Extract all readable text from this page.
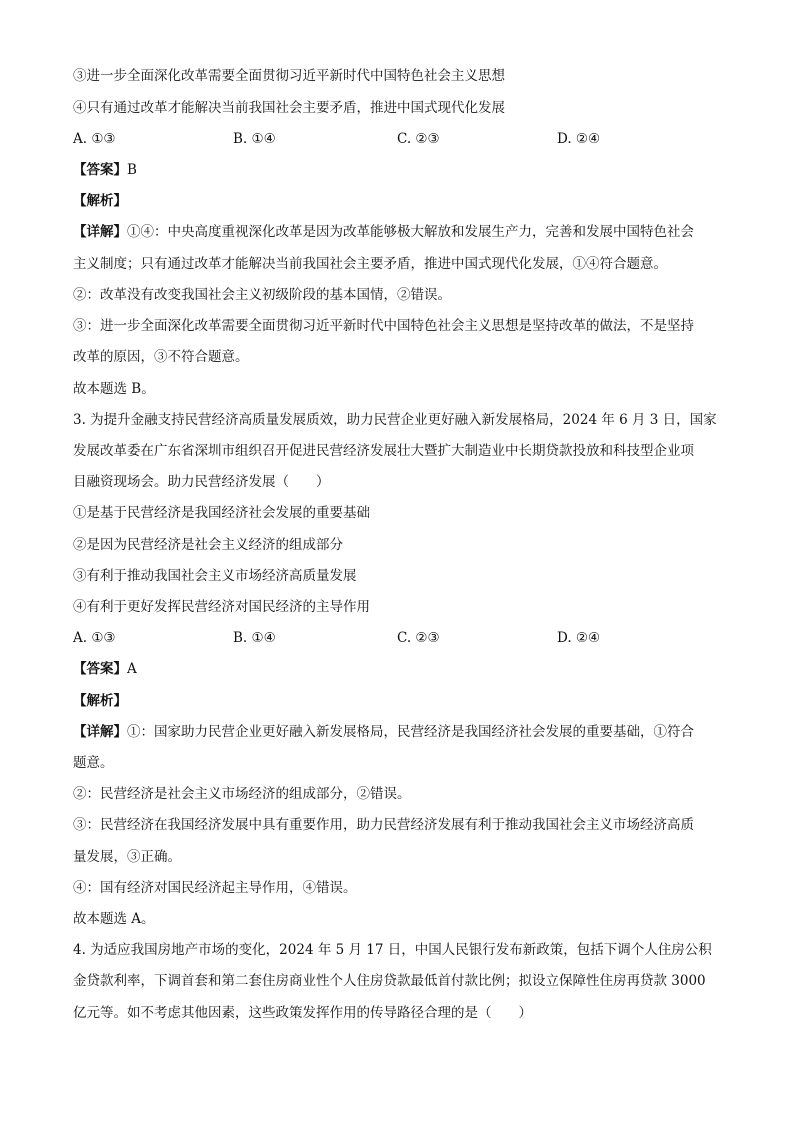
③进一步全面深化改革需要全面贯彻习近平新时代中国特色社会主义思想
④只有通过改革才能解决当前我国社会主要矛盾，推进中国式现代化发展
A. ①③	B. ①④	C. ②③	D. ②④
【答案】B
【解析】
【详解】①④：中央高度重视深化改革是因为改革能够极大解放和发展生产力，完善和发展中国特色社会
主义制度；只有通过改革才能解决当前我国社会主要矛盾，推进中国式现代化发展，①④符合题意。
②：改革没有改变我国社会主义初级阶段的基本国情，②错误。
③：进一步全面深化改革需要全面贯彻习近平新时代中国特色社会主义思想是坚持改革的做法，不是坚持
改革的原因，③不符合题意。
故本题选 B。
3. 为提升金融支持民营经济高质量发展质效，助力民营企业更好融入新发展格局，2024 年 6 月 3 日，国家
发展改革委在广东省深圳市组织召开促进民营经济发展壮大暨扩大制造业中长期贷款投放和科技型企业项
目融资现场会。助力民营经济发展（　　）
①是基于民营经济是我国经济社会发展的重要基础
②是因为民营经济是社会主义经济的组成部分
③有利于推动我国社会主义市场经济高质量发展
④有利于更好发挥民营经济对国民经济的主导作用
A. ①③	B. ①④	C. ②③	D. ②④
【答案】A
【解析】
【详解】①：国家助力民营企业更好融入新发展格局，民营经济是我国经济社会发展的重要基础，①符合
题意。
②：民营经济是社会主义市场经济的组成部分，②错误。
③：民营经济在我国经济发展中具有重要作用，助力民营经济发展有利于推动我国社会主义市场经济高质
量发展，③正确。
④：国有经济对国民经济起主导作用，④错误。
故本题选 A。
4. 为适应我国房地产市场的变化，2024 年 5 月 17 日，中国人民银行发布新政策，包括下调个人住房公积
金贷款利率，下调首套和第二套住房商业性个人住房贷款最低首付款比例；拟设立保障性住房再贷款 3000
亿元等。如不考虑其他因素，这些政策发挥作用的传导路径合理的是（　　）
